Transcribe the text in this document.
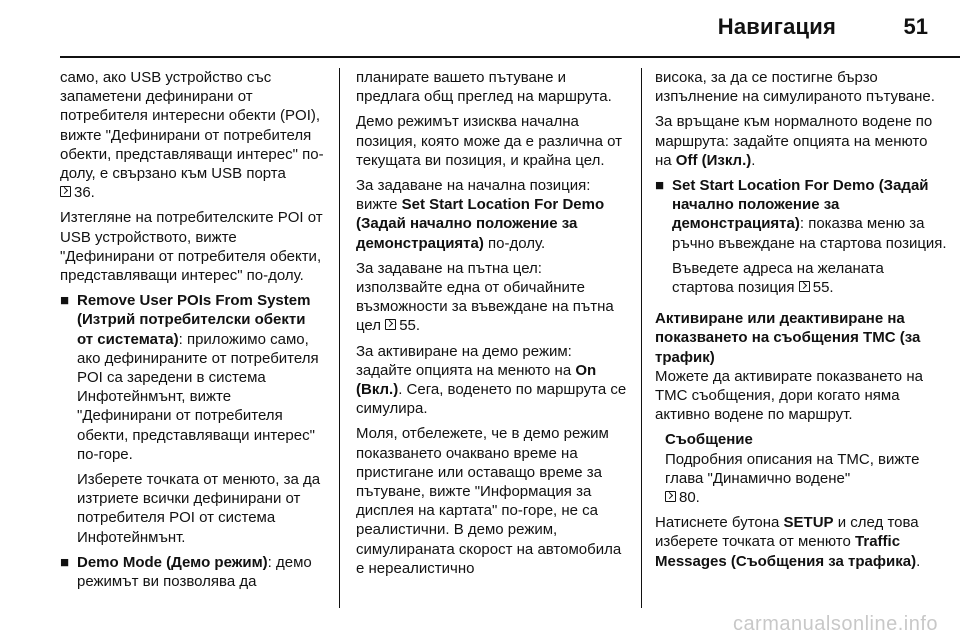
Навигация	51

само, ако USB устройство със запаметени дефинирани от потребителя интересни обекти (POI), вижте "Дефинирани от потребителя обекти, представляващи интерес" по-долу, е свързано към USB порта
36.

Изтегляне на потребителските POI от USB устройството, вижте "Дефинирани от потребителя обекти, представляващи интерес" по-долу.

■ Remove User POIs From System (Изтрий потребителски обекти от системата): приложимо само, ако дефинираните от потребителя POI са заредени в система Инфотейнмънт, вижте "Дефинирани от потребителя обекти, представляващи интерес" по-горе.

Изберете точката от менюто, за да изтриете всички дефинирани от потребителя POI от система Инфотейнмънт.

■ Demo Mode (Демо режим): демо режимът ви позволява да

планирате вашето пътуване и предлага общ преглед на маршрута.

Демо режимът изисква начална позиция, която може да е различна от текущата ви позиция, и крайна цел.

За задаване на начална позиция: вижте Set Start Location For Demo (Задай начално положение за демонстрацията) по-долу.

За задаване на пътна цел: използвайте една от обичайните възможности за въвеждане на пътна цел 55.

За активиране на демо режим: задайте опцията на менюто на On (Вкл.). Сега, воденето по маршрута се симулира.

Моля, отбележете, че в демо режим показването очаквано време на пристигане или оставащо време за пътуване, вижте "Информация за дисплея на картата" по-горе, не са реалистични. В демо режим, симулираната скорост на автомобила е нереалистично

висока, за да се постигне бързо изпълнение на симулираното пътуване.

За връщане към нормалното водене по маршрута: задайте опцията на менюто на Off (Изкл.).

■ Set Start Location For Demo (Задай начално положение за демонстрацията): показва меню за ръчно въвеждане на стартова позиция.

Въведете адреса на желаната стартова позиция 55.

Активиране или деактивиране на показването на съобщения TMC (за трафик)

Можете да активирате показването на TMC съобщения, дори когато няма активно водене по маршрут.

Съобщение
Подробния описания на TMC, вижте глава "Динамично водене"
80.

Натиснете бутона SETUP и след това изберете точката от менюто Traffic Messages (Съобщения за трафика).

carmanualsonline.info
